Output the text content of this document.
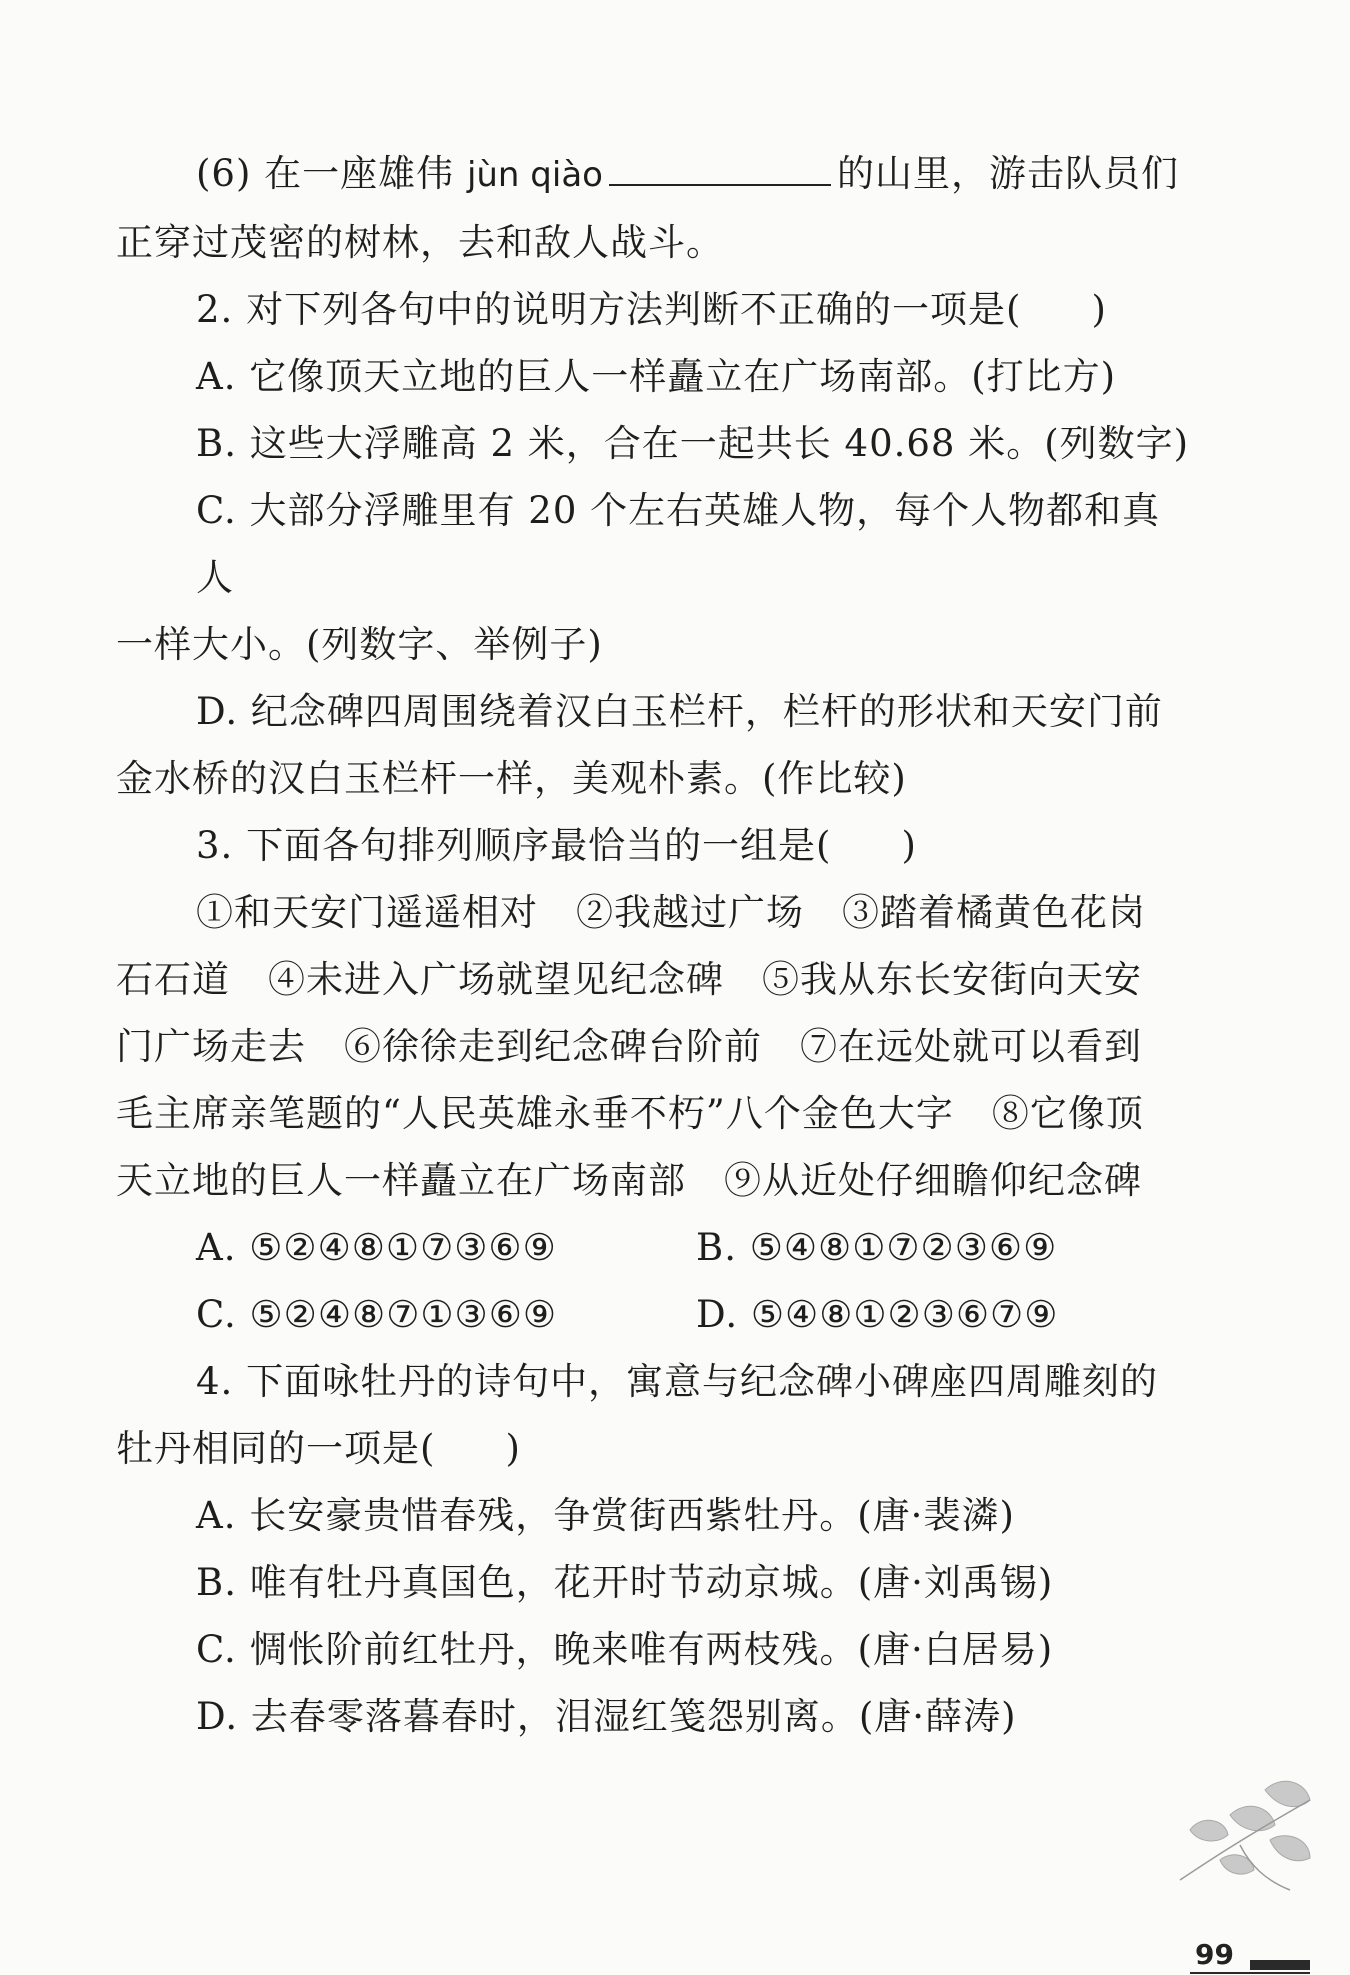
(6) 在一座雄伟 jùn qiào	的山里，游击队员们

正穿过茂密的树林，去和敌人战斗。

2. 对下列各句中的说明方法判断不正确的一项是( )

A. 它像顶天立地的巨人一样矗立在广场南部。(打比方)

B. 这些大浮雕高 2 米，合在一起共长 40.68 米。(列数字)

C. 大部分浮雕里有 20 个左右英雄人物，每个人物都和真人

一样大小。(列数字、举例子)

D. 纪念碑四周围绕着汉白玉栏杆，栏杆的形状和天安门前

金水桥的汉白玉栏杆一样，美观朴素。(作比较)

3. 下面各句排列顺序最恰当的一组是( )

①和天安门遥遥相对　②我越过广场　③踏着橘黄色花岗

石石道　④未进入广场就望见纪念碑　⑤我从东长安街向天安

门广场走去　⑥徐徐走到纪念碑台阶前　⑦在远处就可以看到

毛主席亲笔题的“人民英雄永垂不朽”八个金色大字　⑧它像顶

天立地的巨人一样矗立在广场南部　⑨从近处仔细瞻仰纪念碑

A. ⑤②④⑧①⑦③⑥⑨	B. ⑤④⑧①⑦②③⑥⑨
C. ⑤②④⑧⑦①③⑥⑨	D. ⑤④⑧①②③⑥⑦⑨

4. 下面咏牡丹的诗句中，寓意与纪念碑小碑座四周雕刻的

牡丹相同的一项是( )

A. 长安豪贵惜春残，争赏街西紫牡丹。(唐·裴潾)

B. 唯有牡丹真国色，花开时节动京城。(唐·刘禹锡)

C. 惆怅阶前红牡丹，晚来唯有两枝残。(唐·白居易)

D. 去春零落暮春时，泪湿红笺怨别离。(唐·薛涛)

99
